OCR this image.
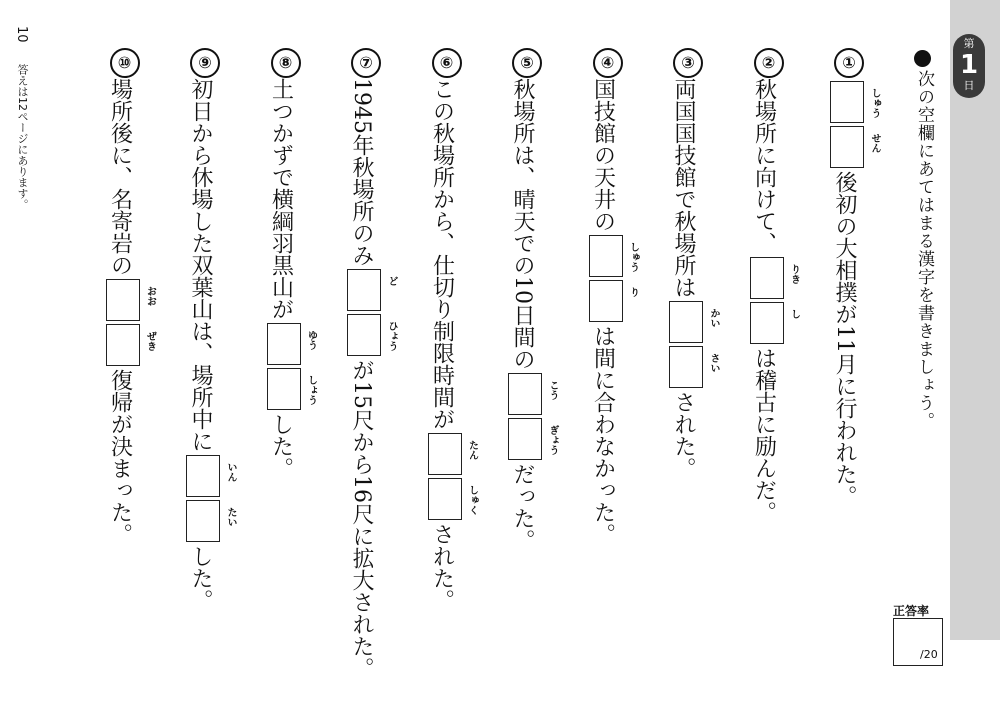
第
1
日
次の空欄にあてはまる漢字を書きましょう。
①
しゅう
せん
後初の大相撲が11月に行われた。
②
秋場所に向けて、
りき
し
は稽古に励んだ。
③
両国国技館で秋場所は
かい
さい
された。
④
国技館の天井の
しゅう
り
は間に合わなかった。
⑤
秋場所は、晴天での10日間の
こう
ぎょう
だった。
⑥
この秋場所から、仕切り制限時間が
たん
しゅく
された。
⑦
1945年秋場所のみ
ど
ひょう
が15尺から16尺に拡大された。
⑧
土つかずで横綱羽黒山が
ゆう
しょう
した。
⑨
初日から休場した双葉山は、場所中に
いん
たい
した。
⑩
場所後に、名寄岩の
おお
ぜき
復帰が決まった。
正答率
/20
10
答えは12ページにあります。
